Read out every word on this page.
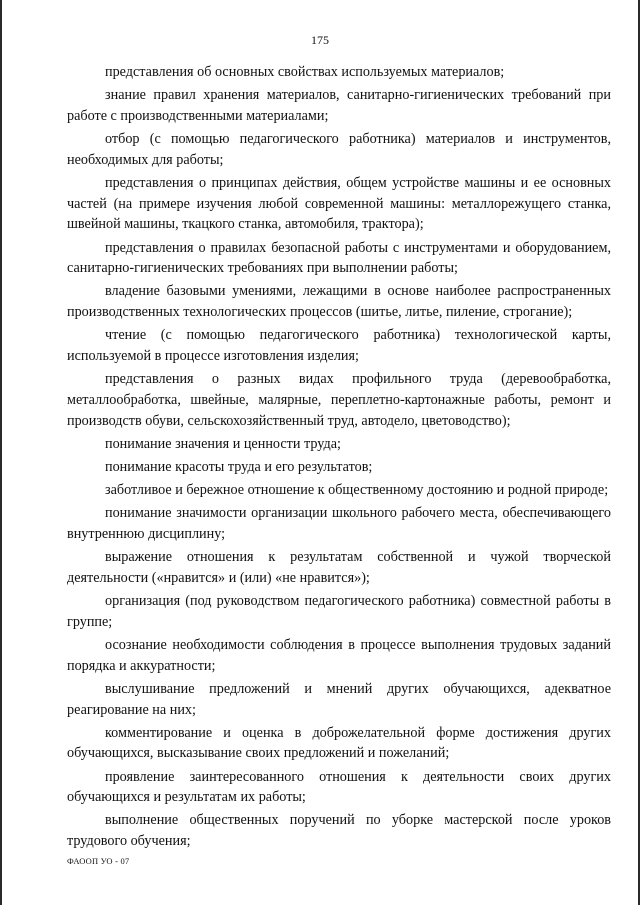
175

представления об основных свойствах используемых материалов;

знание правил хранения материалов, санитарно-гигиенических требований при работе с производственными материалами;

отбор (с помощью педагогического работника) материалов и инструментов, необходимых для работы;

представления о принципах действия, общем устройстве машины и ее основных частей (на примере изучения любой современной машины: металлорежущего станка, швейной машины, ткацкого станка, автомобиля, трактора);

представления о правилах безопасной работы с инструментами и оборудованием, санитарно-гигиенических требованиях при выполнении работы;

владение базовыми умениями, лежащими в основе наиболее распространенных производственных технологических процессов (шитье, литье, пиление, строгание);

чтение (с помощью педагогического работника) технологической карты, используемой в процессе изготовления изделия;

представления о разных видах профильного труда (деревообработка, металлообработка, швейные, малярные, переплетно-картонажные работы, ремонт и производств обуви, сельскохозяйственный труд, автодело, цветоводство);

понимание значения и ценности труда;

понимание красоты труда и его результатов;

заботливое и бережное отношение к общественному достоянию и родной природе;

понимание значимости организации школьного рабочего места, обеспечивающего внутреннюю дисциплину;

выражение отношения к результатам собственной и чужой творческой деятельности («нравится» и (или) «не нравится»);

организация (под руководством педагогического работника) совместной работы в группе;

осознание необходимости соблюдения в процессе выполнения трудовых заданий порядка и аккуратности;

выслушивание предложений и мнений других обучающихся, адекватное реагирование на них;

комментирование и оценка в доброжелательной форме достижения других обучающихся, высказывание своих предложений и пожеланий;

проявление заинтересованного отношения к деятельности своих других обучающихся и результатам их работы;

выполнение общественных поручений по уборке мастерской после уроков трудового обучения;

ФАООП УО - 07
